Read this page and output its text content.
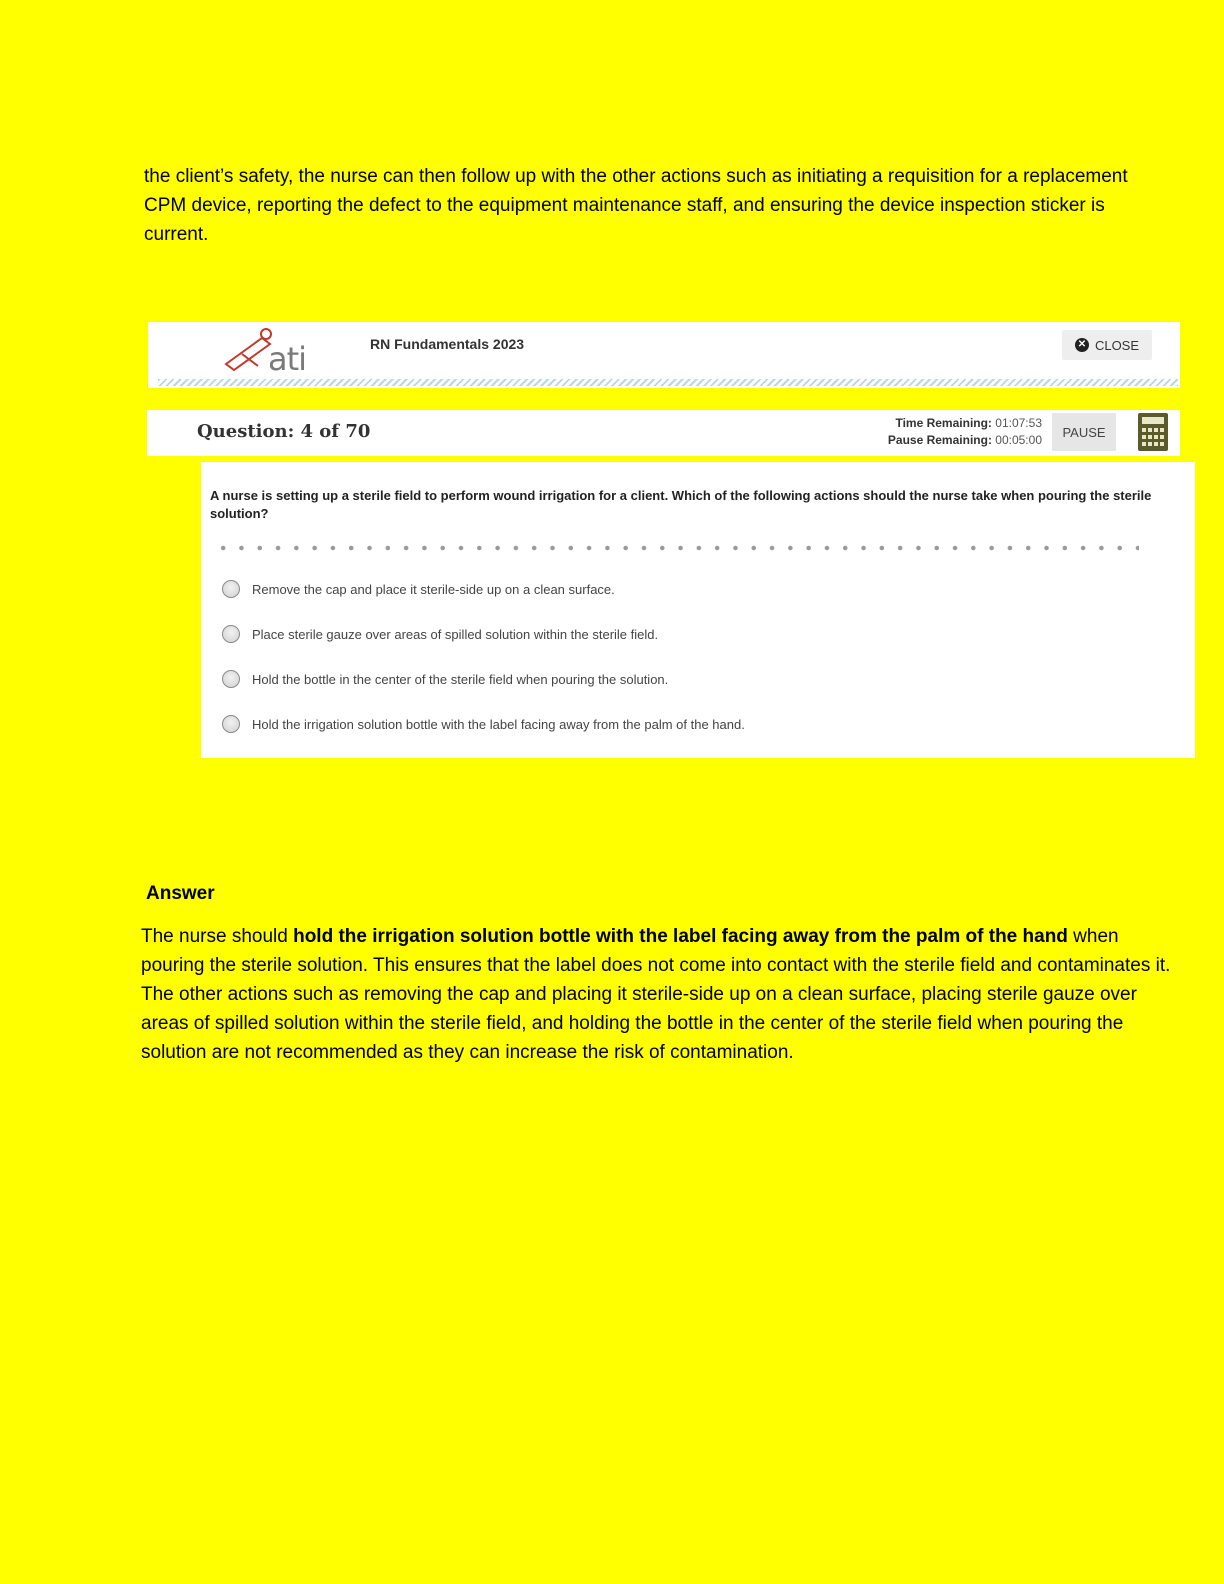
the client’s safety, the nurse can then follow up with the other actions such as initiating a requisition for a replacement CPM device, reporting the defect to the equipment maintenance staff, and ensuring the device inspection sticker is current.

ati	RN Fundamentals 2023	✕ CLOSE
Question: 4 of 70	Time Remaining: 01:07:53
Pause Remaining: 00:05:00
PAUSE

A nurse is setting up a sterile field to perform wound irrigation for a client. Which of the following actions should the nurse take when pouring the sterile solution?

Remove the cap and place it sterile-side up on a clean surface.
Place sterile gauze over areas of spilled solution within the sterile field.
Hold the bottle in the center of the sterile field when pouring the solution.
Hold the irrigation solution bottle with the label facing away from the palm of the hand.
Answer

The nurse should hold the irrigation solution bottle with the label facing away from the palm of the hand when pouring the sterile solution. This ensures that the label does not come into contact with the sterile field and contaminates it. The other actions such as removing the cap and placing it sterile-side up on a clean surface, placing sterile gauze over areas of spilled solution within the sterile field, and holding the bottle in the center of the sterile field when pouring the solution are not recommended as they can increase the risk of contamination.
